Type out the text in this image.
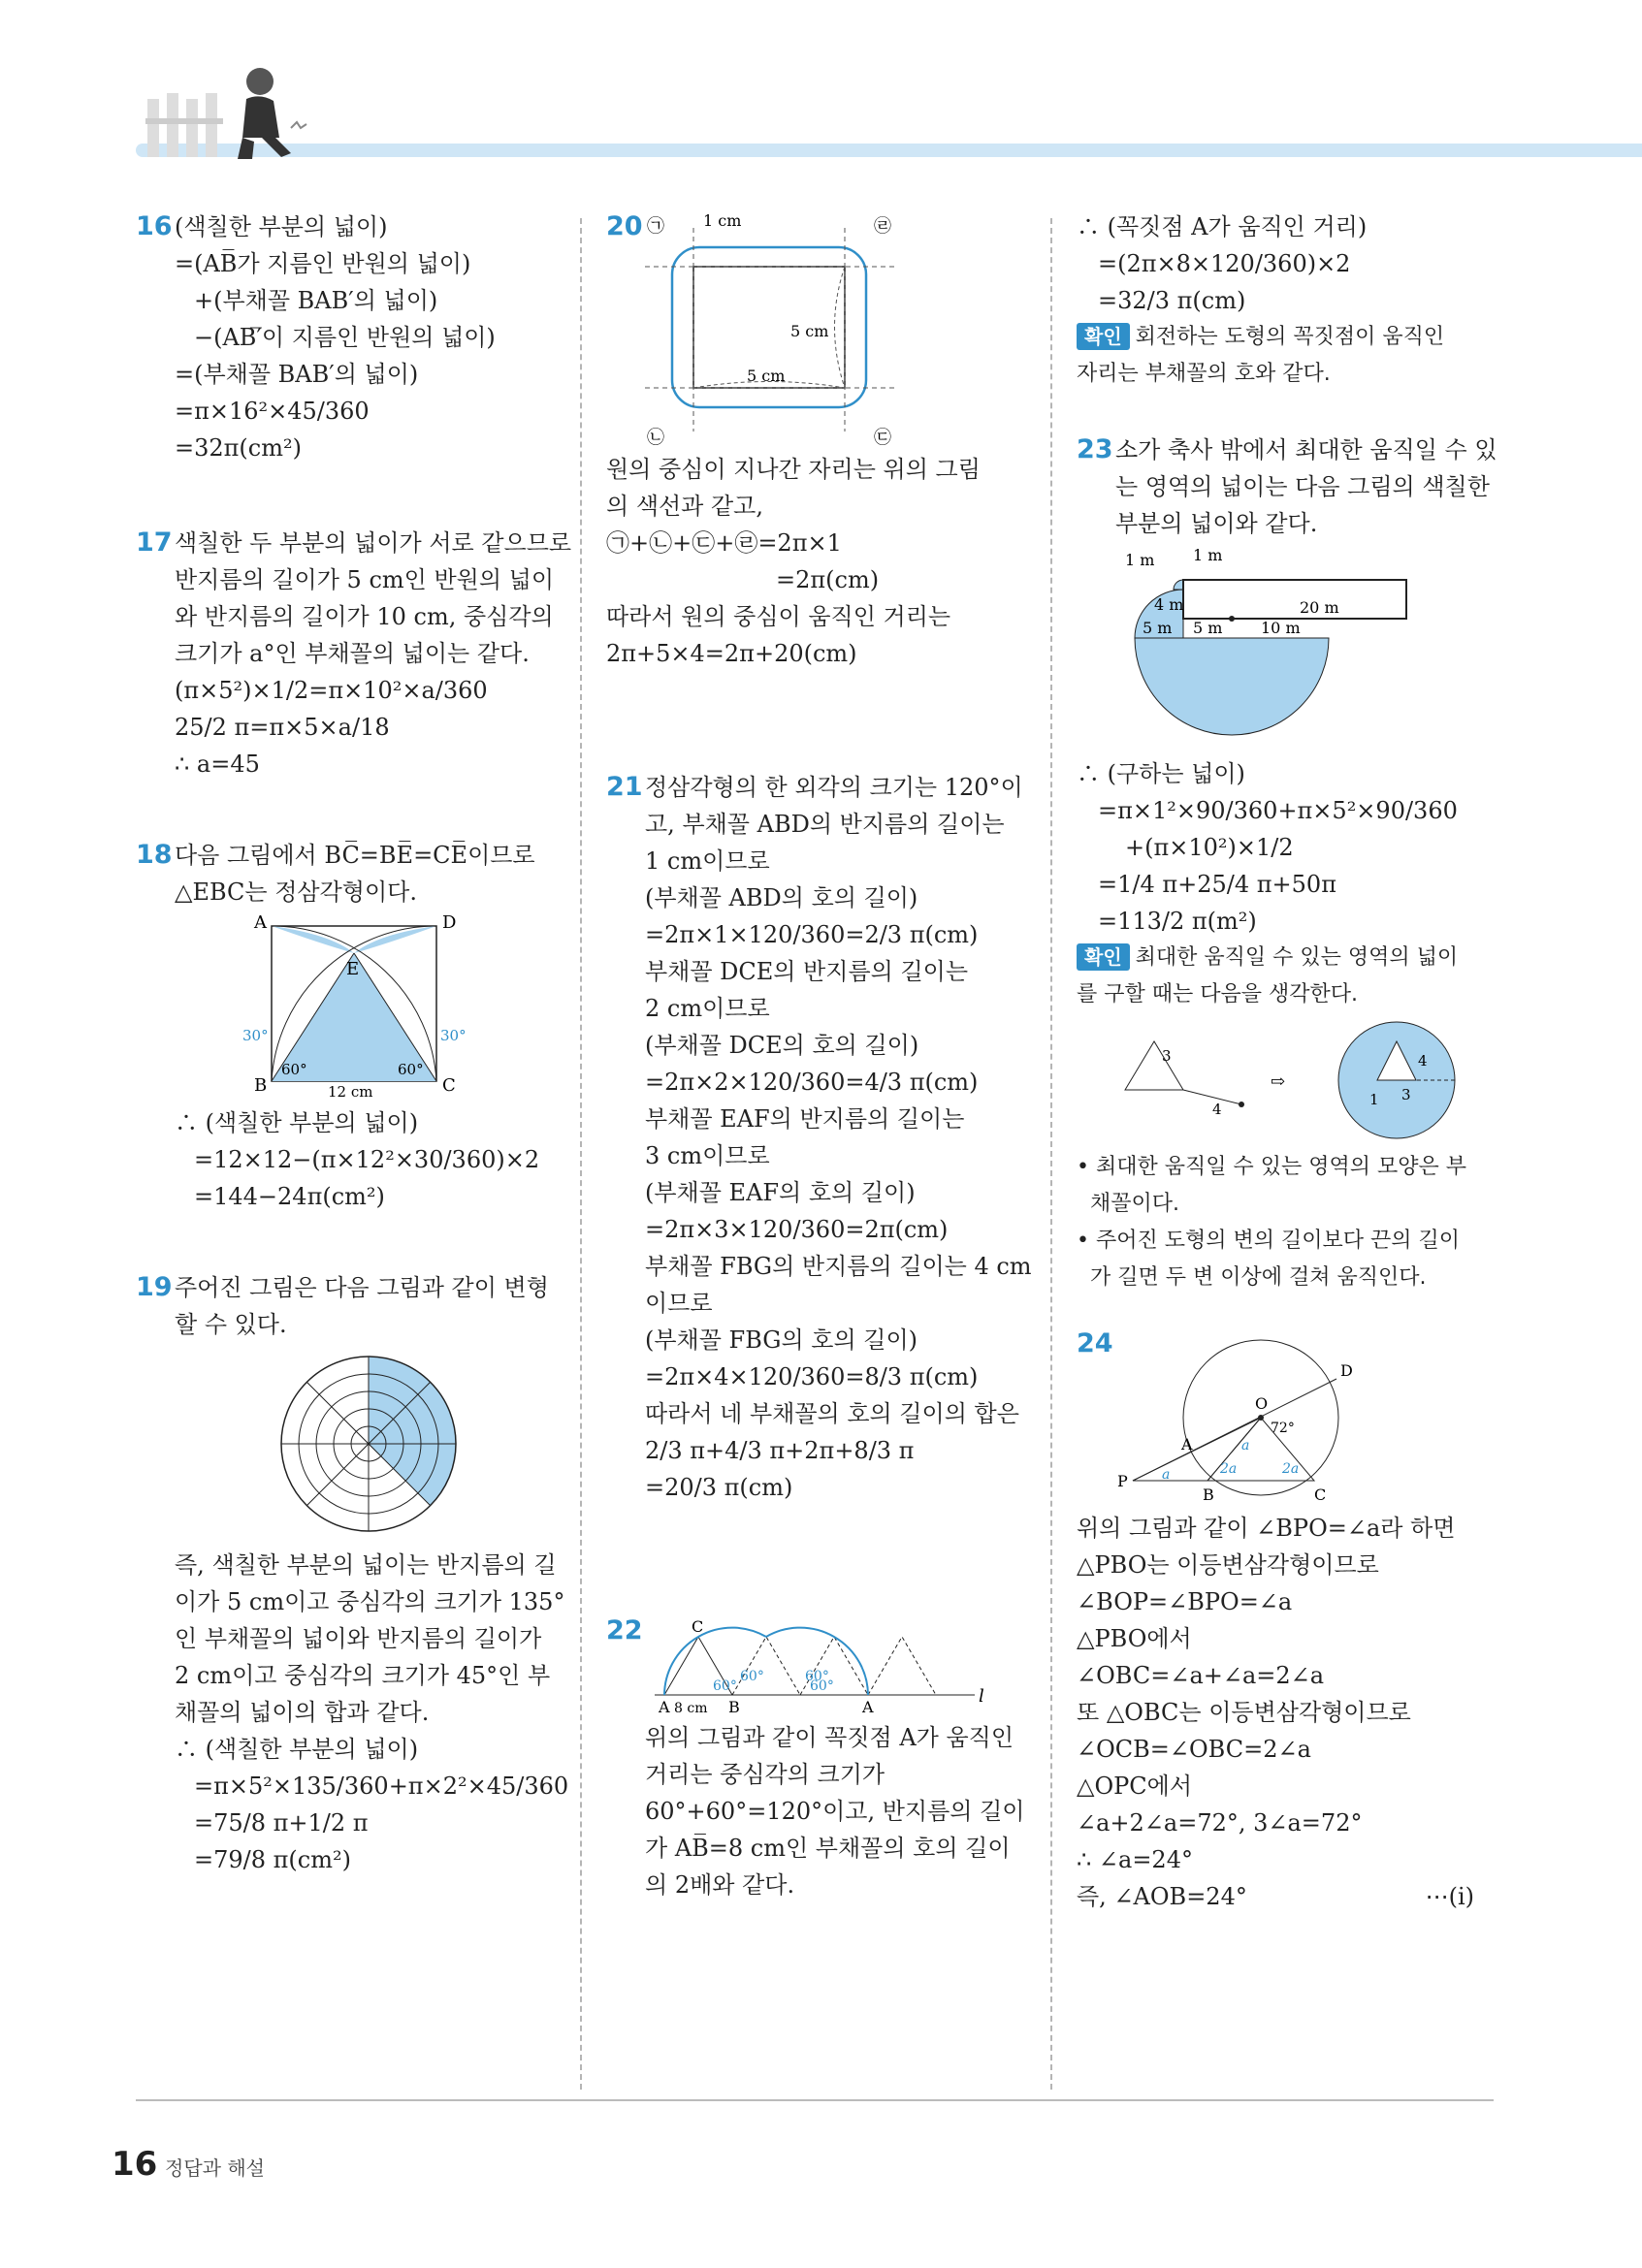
16 (색칠한 부분의 넓이)
=(AB̅가 지름인 반원의 넓이)
+(부채꼴 BAB′의 넓이)
−(AB′̅이 지름인 반원의 넓이)
=(부채꼴 BAB′의 넓이)
=π×16²×45/360
=32π(cm²)
17 색칠한 두 부분의 넓이가 서로 같으므로
반지름의 길이가 5 cm인 반원의 넓이
와 반지름의 길이가 10 cm, 중심각의
크기가 a°인 부채꼴의 넓이는 같다.
(π×5²)×1/2=π×10²×a/360
25/2 π=π×5×a/18
∴ a=45
18 다음 그림에서 BC̅=BE̅=CE̅이므로
△EBC는 정삼각형이다.
A	D
E
B	C
30°	30°
60°	60°
12 cm
∴ (색칠한 부분의 넓이)
=12×12−(π×12²×30/360)×2
=144−24π(cm²)
19 주어진 그림은 다음 그림과 같이 변형
할 수 있다.
즉, 색칠한 부분의 넓이는 반지름의 길
이가 5 cm이고 중심각의 크기가 135°
인 부채꼴의 넓이와 반지름의 길이가
2 cm이고 중심각의 크기가 45°인 부
채꼴의 넓이의 합과 같다.
∴ (색칠한 부분의 넓이)
=π×5²×135/360+π×2²×45/360
=75/8 π+1/2 π
=79/8 π(cm²)

20

㉠
㉡	㉢
㉣
1 cm
5 cm
5 cm

원의 중심이 지나간 자리는 위의 그림
의 색선과 같고,
㉠+㉡+㉢+㉣=2π×1
=2π(cm)
따라서 원의 중심이 움직인 거리는
2π+5×4=2π+20(cm)
21 정삼각형의 한 외각의 크기는 120°이
고, 부채꼴 ABD의 반지름의 길이는
1 cm이므로
(부채꼴 ABD의 호의 길이)
=2π×1×120/360=2/3 π(cm)
부채꼴 DCE의 반지름의 길이는
2 cm이므로
(부채꼴 DCE의 호의 길이)
=2π×2×120/360=4/3 π(cm)
부채꼴 EAF의 반지름의 길이는
3 cm이므로
(부채꼴 EAF의 호의 길이)
=2π×3×120/360=2π(cm)
부채꼴 FBG의 반지름의 길이는 4 cm
이므로
(부채꼴 FBG의 호의 길이)
=2π×4×120/360=8/3 π(cm)
따라서 네 부채꼴의 호의 길이의 합은
2/3 π+4/3 π+2π+8/3 π
=20/3 π(cm)

22

	C
A	B	A
l
8 cm
60°
60°
60°
60°

위의 그림과 같이 꼭짓점 A가 움직인
거리는 중심각의 크기가
60°+60°=120°이고, 반지름의 길이
가 AB̅=8 cm인 부채꼴의 호의 길이
의 2배와 같다.
∴ (꼭짓점 A가 움직인 거리)
=(2π×8×120/360)×2
=32/3 π(cm)
확인 회전하는 도형의 꼭짓점이 움직인
자리는 부채꼴의 호와 같다.
23 소가 축사 밖에서 최대한 움직일 수 있
는 영역의 넓이는 다음 그림의 색칠한
부분의 넓이와 같다.
1 m 1 m
4 m	20 m
5 m 5 m 10 m
∴ (구하는 넓이)
=π×1²×90/360+π×5²×90/360
+(π×10²)×1/2
=1/4 π+25/4 π+50π
=113/2 π(m²)
확인 최대한 움직일 수 있는 영역의 넓이
를 구할 때는 다음을 생각한다.
3
4
⇨
4
3
1
• 최대한 움직일 수 있는 영역의 모양은 부
채꼴이다.
• 주어진 도형의 변의 길이보다 끈의 길이
가 길면 두 변 이상에 걸쳐 움직인다.

24

D
O
A
P
B	C
72°
a
a
2a	2a

위의 그림과 같이 ∠BPO=∠a라 하면
△PBO는 이등변삼각형이므로
∠BOP=∠BPO=∠a
△PBO에서
∠OBC=∠a+∠a=2∠a
또 △OBC는 이등변삼각형이므로
∠OCB=∠OBC=2∠a
△OPC에서
∠a+2∠a=72°, 3∠a=72°
∴ ∠a=24°
즉, ∠AOB=24°	⋯(i)
16 정답과 해설
